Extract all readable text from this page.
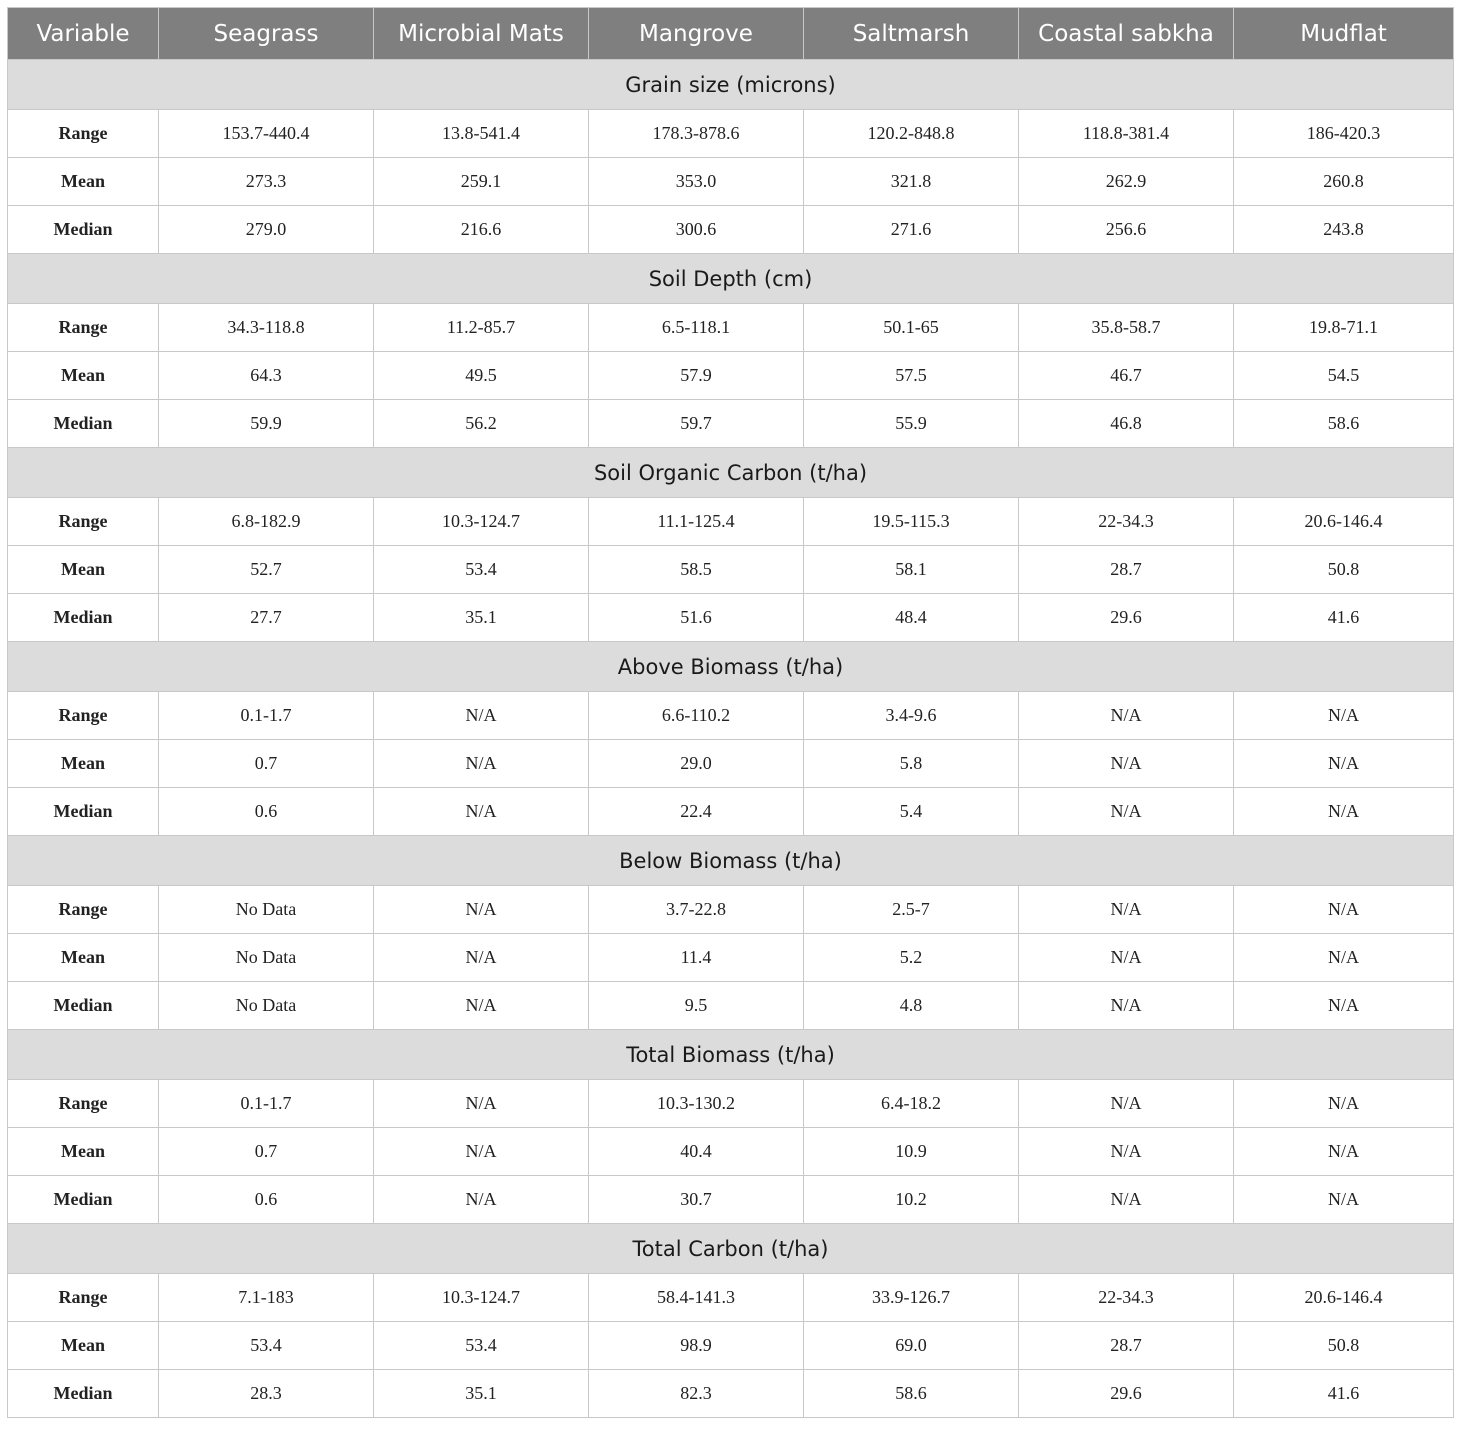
Variable	Seagrass	Microbial Mats	Mangrove	Saltmarsh	Coastal sabkha	Mudflat
Grain size (microns)						
Range	153.7-440.4	13.8-541.4	178.3-878.6	120.2-848.8	118.8-381.4	186-420.3
Mean	273.3	259.1	353.0	321.8	262.9	260.8
Median	279.0	216.6	300.6	271.6	256.6	243.8
Soil Depth (cm)						
Range	34.3-118.8	11.2-85.7	6.5-118.1	50.1-65	35.8-58.7	19.8-71.1
Mean	64.3	49.5	57.9	57.5	46.7	54.5
Median	59.9	56.2	59.7	55.9	46.8	58.6
Soil Organic Carbon (t/ha)						
Range	6.8-182.9	10.3-124.7	11.1-125.4	19.5-115.3	22-34.3	20.6-146.4
Mean	52.7	53.4	58.5	58.1	28.7	50.8
Median	27.7	35.1	51.6	48.4	29.6	41.6
Above Biomass (t/ha)						
Range	0.1-1.7	N/A	6.6-110.2	3.4-9.6	N/A	N/A
Mean	0.7	N/A	29.0	5.8	N/A	N/A
Median	0.6	N/A	22.4	5.4	N/A	N/A
Below Biomass (t/ha)						
Range	No Data	N/A	3.7-22.8	2.5-7	N/A	N/A
Mean	No Data	N/A	11.4	5.2	N/A	N/A
Median	No Data	N/A	9.5	4.8	N/A	N/A
Total Biomass (t/ha)						
Range	0.1-1.7	N/A	10.3-130.2	6.4-18.2	N/A	N/A
Mean	0.7	N/A	40.4	10.9	N/A	N/A
Median	0.6	N/A	30.7	10.2	N/A	N/A
Total Carbon (t/ha)						
Range	7.1-183	10.3-124.7	58.4-141.3	33.9-126.7	22-34.3	20.6-146.4
Mean	53.4	53.4	98.9	69.0	28.7	50.8
Median	28.3	35.1	82.3	58.6	29.6	41.6
